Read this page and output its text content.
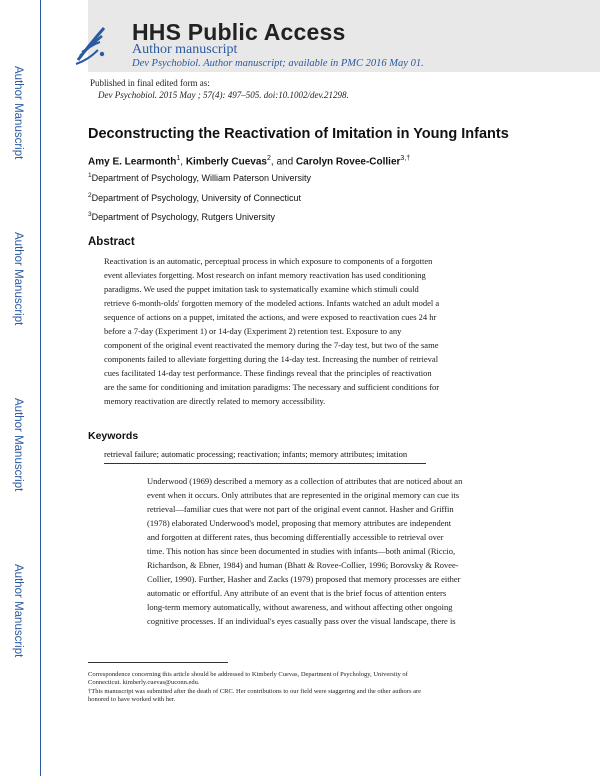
HHS Public Access
Author manuscript
Dev Psychobiol. Author manuscript; available in PMC 2016 May 01.
Author Manuscript
Author Manuscript
Author Manuscript
Author Manuscript
Published in final edited form as:
Dev Psychobiol. 2015 May ; 57(4): 497–505. doi:10.1002/dev.21298.
Deconstructing the Reactivation of Imitation in Young Infants
Amy E. Learmonth$^1$, Kimberly Cuevas$^2$, and Carolyn Rovee-Collier$^{3,\dagger}$
$^1$Department of Psychology, William Paterson University
$^2$Department of Psychology, University of Connecticut
$^3$Department of Psychology, Rutgers University
Abstract
Reactivation is an automatic, perceptual process in which exposure to components of a forgotten
event alleviates forgetting. Most research on infant memory reactivation has used conditioning
paradigms. We used the puppet imitation task to systematically examine which stimuli could
retrieve 6-month-olds' forgotten memory of the modeled actions. Infants watched an adult model a
sequence of actions on a puppet, imitated the actions, and were exposed to reactivation cues 24 hr
before a 7-day (Experiment 1) or 14-day (Experiment 2) retention test. Exposure to any
component of the original event reactivated the memory during the 7-day test, but two of the same
components failed to alleviate forgetting during the 14-day test. Increasing the number of retrieval
cues facilitated 14-day test performance. These findings reveal that the principles of reactivation
are the same for conditioning and imitation paradigms: The necessary and sufficient conditions for
memory reactivation are directly related to memory accessibility.
Keywords
retrieval failure; automatic processing; reactivation; infants; memory attributes; imitation
Underwood (1969) described a memory as a collection of attributes that are noticed about an
event when it occurs. Only attributes that are represented in the original memory can cue its
retrieval—familiar cues that were not part of the original event cannot. Hasher and Griffin
(1978) elaborated Underwood's model, proposing that memory attributes are independent
and forgotten at different rates, thus becoming differentially accessible to retrieval over
time. This notion has since been documented in studies with infants—both animal (Riccio,
Richardson, & Ebner, 1984) and human (Bhatt & Rovee-Collier, 1996; Borovsky & Rovee-
Collier, 1990). Further, Hasher and Zacks (1979) proposed that memory processes are either
automatic or effortful. Any attribute of an event that is the brief focus of attention enters
long-term memory automatically, without awareness, and without affecting other ongoing
cognitive processes. If an individual's eyes casually pass over the visual landscape, there is
Correspondence concerning this article should be addressed to Kimberly Cuevas, Department of Psychology, University of
Connecticut. kimberly.cuevas@uconn.edu.
†This manuscript was submitted after the death of CRC. Her contributions to our field were staggering and the other authors are
honored to have worked with her.
